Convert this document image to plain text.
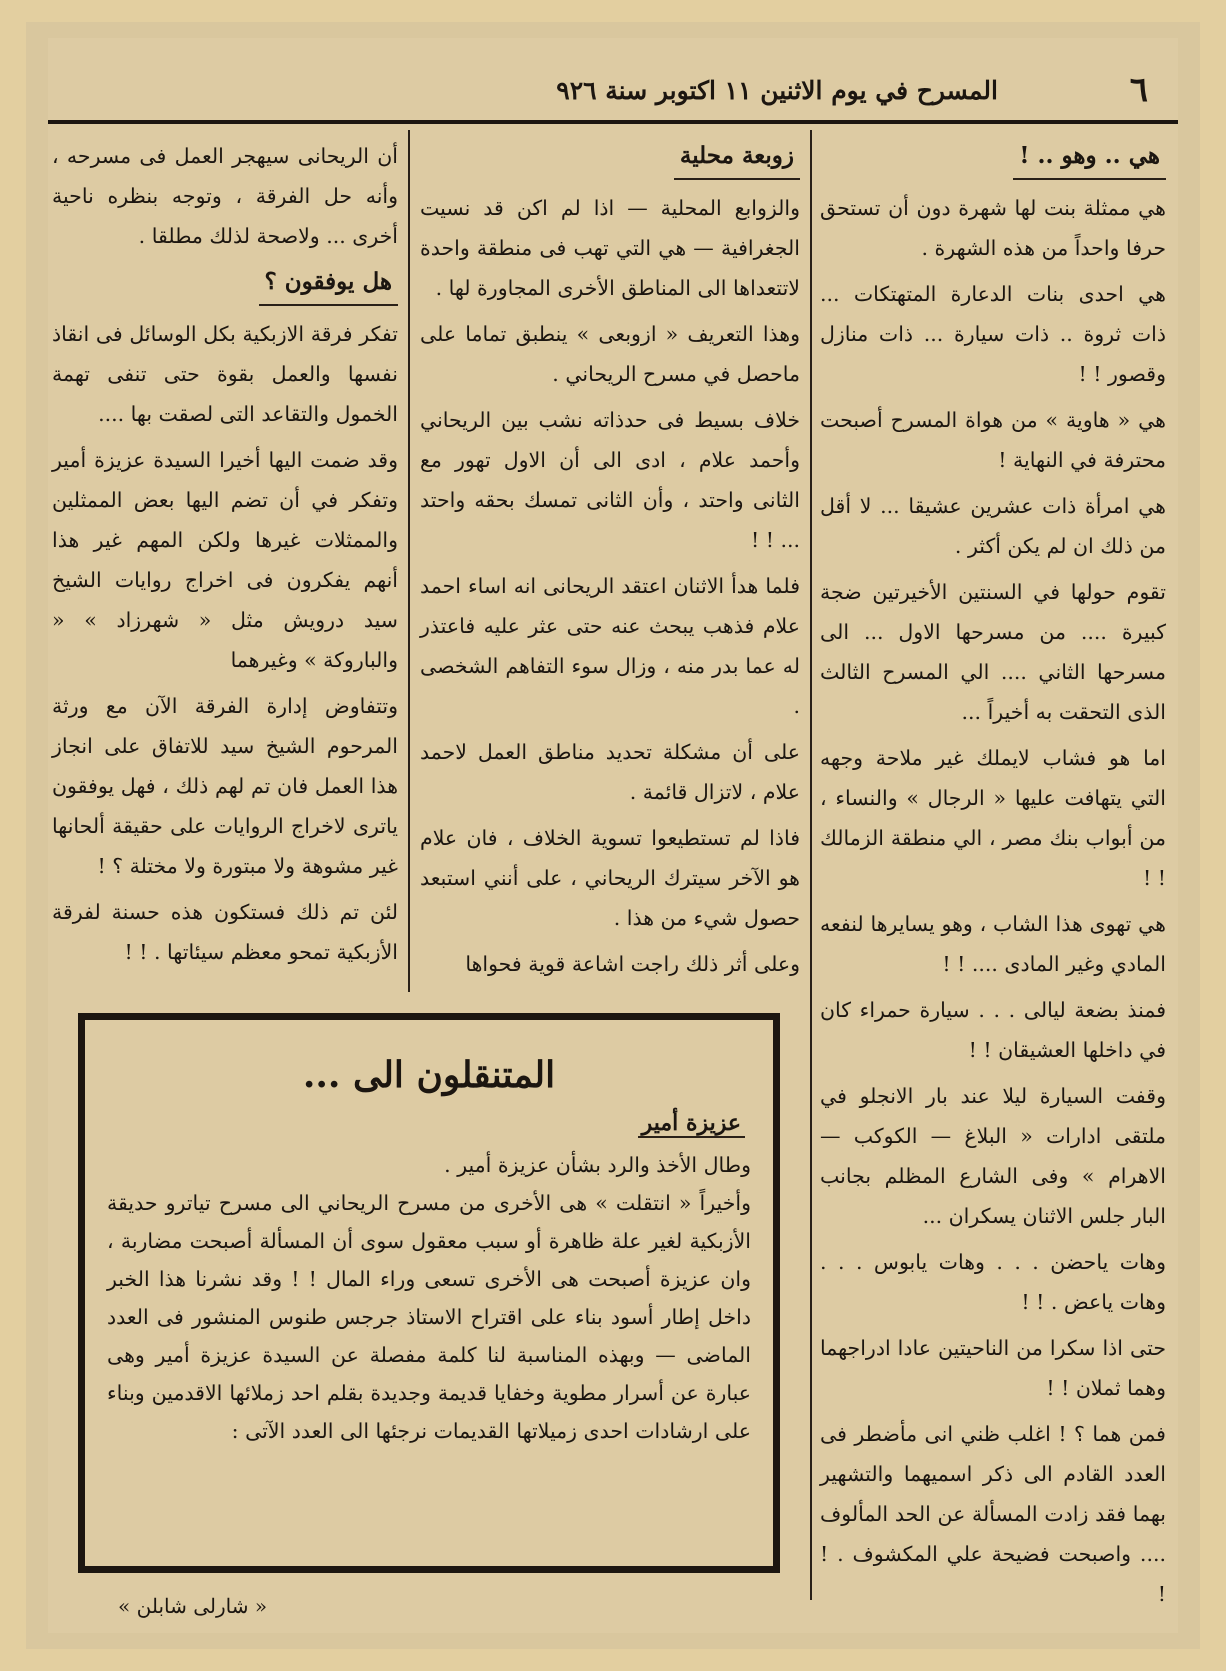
٦
المسرح في يوم الاثنين ١١ اكتوبر سنة ٩٢٦
هي .. وهو .. !

هي ممثلة بنت لها شهرة دون أن تستحق حرفا واحداً من هذه الشهرة .

هي احدى بنات الدعارة المتهتكات ... ذات ثروة .. ذات سيارة ... ذات منازل وقصور ! !

هي « هاوية » من هواة المسرح أصبحت محترفة في النهاية !

هي امرأة ذات عشرين عشيقا ... لا أقل من ذلك ان لم يكن أكثر .

تقوم حولها في السنتين الأخيرتين ضجة كبيرة .... من مسرحها الاول ... الى مسرحها الثاني .... الي المسرح الثالث الذى التحقت به أخيراً ...

اما هو فشاب لايملك غير ملاحة وجهه التي يتهافت عليها « الرجال » والنساء ، من أبواب بنك مصر ، الي منطقة الزمالك ! !

هي تهوى هذا الشاب ، وهو يسايرها لنفعه المادي وغير المادى .... ! !

فمنذ بضعة ليالى . . . سيارة حمراء كان في داخلها العشيقان ! !

وقفت السيارة ليلا عند بار الانجلو في ملتقى ادارات « البلاغ — الكوكب — الاهرام » وفى الشارع المظلم بجانب البار جلس الاثنان يسكران ...

وهات ياحضن . . . وهات يابوس . . . وهات ياعض . ! !

حتى اذا سكرا من الناحيتين عادا ادراجهما وهما ثملان ! !

فمن هما ؟ ! اغلب ظني انى مأضطر فى العدد القادم الى ذكر اسميهما والتشهير بهما فقد زادت المسألة عن الحد المألوف .... واصبحت فضيحة علي المكشوف . ! !

زوبعة محلية

والزوابع المحلية — اذا لم اكن قد نسيت الجغرافية — هي التي تهب فى منطقة واحدة لاتتعداها الى المناطق الأخرى المجاورة لها .

وهذا التعريف « ازوبعى » ينطبق تماما على ماحصل في مسرح الريحاني .

خلاف بسيط فى حدذاته نشب بين الريحاني وأحمد علام ، ادى الى أن الاول تهور مع الثانى واحتد ، وأن الثانى تمسك بحقه واحتد ... ! !

فلما هدأ الاثنان اعتقد الريحانى انه اساء احمد علام فذهب يبحث عنه حتى عثر عليه فاعتذر له عما بدر منه ، وزال سوء التفاهم الشخصى .

على أن مشكلة تحديد مناطق العمل لاحمد علام ، لاتزال قائمة .

فاذا لم تستطيعوا تسوية الخلاف ، فان علام هو الآخر سيترك الريحاني ، على أنني استبعد حصول شيء من هذا .

وعلى أثر ذلك راجت اشاعة قوية فحواها

أن الريحانى سيهجر العمل فى مسرحه ، وأنه حل الفرقة ، وتوجه بنظره ناحية أخرى ... ولاصحة لذلك مطلقا .

هل يوفقون ؟

تفكر فرقة الازبكية بكل الوسائل فى انقاذ نفسها والعمل بقوة حتى تنفى تهمة الخمول والتقاعد التى لصقت بها ....

وقد ضمت اليها أخيرا السيدة عزيزة أمير وتفكر في أن تضم اليها بعض الممثلين والممثلات غيرها ولكن المهم غير هذا أنهم يفكرون فى اخراج روايات الشيخ سيد درويش مثل « شهرزاد » « والباروكة » وغيرهما

وتتفاوض إدارة الفرقة الآن مع ورثة المرحوم الشيخ سيد للاتفاق على انجاز هذا العمل فان تم لهم ذلك ، فهل يوفقون ياترى لاخراج الروايات على حقيقة ألحانها غير مشوهة ولا مبتورة ولا مختلة ؟ !

لئن تم ذلك فستكون هذه حسنة لفرقة الأزبكية تمحو معظم سيئاتها . ! !

المتنقلون الى ...
عزيزة أمير

وطال الأخذ والرد بشأن عزيزة أمير .

وأخيراً « انتقلت » هى الأخرى من مسرح الريحاني الى مسرح تياترو حديقة الأزبكية لغير علة ظاهرة أو سبب معقول سوى أن المسألة أصبحت مضاربة ، وان عزيزة أصبحت هى الأخرى تسعى وراء المال ! ! وقد نشرنا هذا الخبر داخل إطار أسود بناء على اقتراح الاستاذ جرجس طنوس المنشور فى العدد الماضى — وبهذه المناسبة لنا كلمة مفصلة عن السيدة عزيزة أمير وهى عبارة عن أسرار مطوية وخفايا قديمة وجديدة بقلم احد زملائها الاقدمين وبناء على ارشادات احدى زميلاتها القديمات نرجئها الى العدد الآتى :

« شارلى شابلن »
